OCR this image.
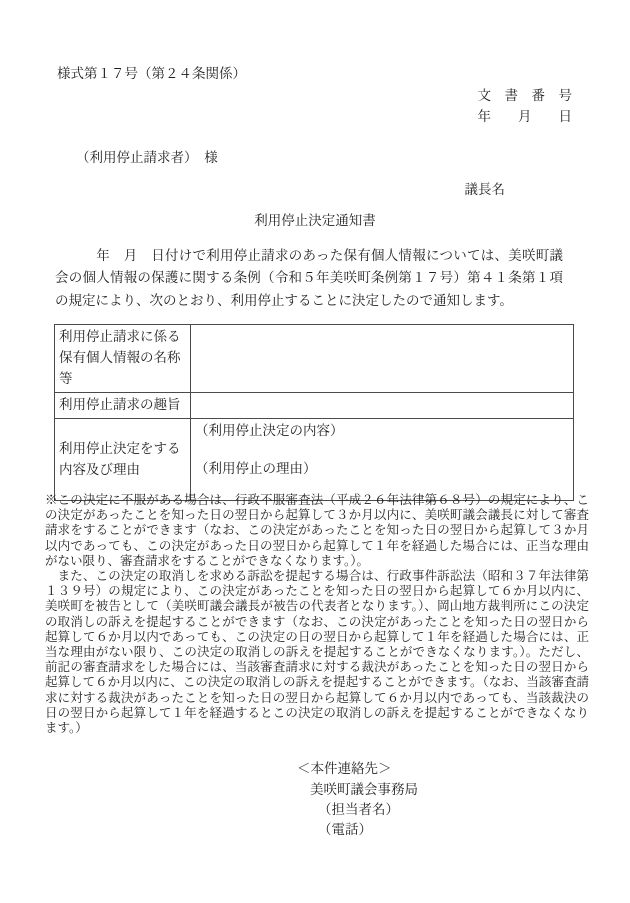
様式第１７号（第２４条関係）
文　書　番　号
年　　月　　日
（利用停止請求者）　様
議長名
利用停止決定通知書

　　　年　月　日付けで利用停止請求のあった保有個人情報については、美咲町議会の個人情報の保護に関する条例（令和５年美咲町条例第１７号）第４１条第１項の規定により、次のとおり、利用停止することに決定したので通知します。

利用停止請求に係る保有個人情報の名称等	
利用停止請求の趣旨	
利用停止決定をする内容及び理由	（利用停止決定の内容）
（利用停止の理由）

※この決定に不服がある場合は、行政不服審査法（平成２６年法律第６８号）の規定により、この決定があったことを知った日の翌日から起算して３か月以内に、美咲町議会議長に対して審査請求をすることができます（なお、この決定があったことを知った日の翌日から起算して３か月以内であっても、この決定があった日の翌日から起算して１年を経過した場合には、正当な理由がない限り、審査請求をすることができなくなります。）。

　また、この決定の取消しを求める訴訟を提起する場合は、行政事件訴訟法（昭和３７年法律第１３９号）の規定により、この決定があったことを知った日の翌日から起算して６か月以内に、美咲町を被告として（美咲町議会議長が被告の代表者となります。）、岡山地方裁判所にこの決定の取消しの訴えを提起することができます（なお、この決定があったことを知った日の翌日から起算して６か月以内であっても、この決定の日の翌日から起算して１年を経過した場合には、正当な理由がない限り、この決定の取消しの訴えを提起することができなくなります。）。ただし、前記の審査請求をした場合には、当該審査請求に対する裁決があったことを知った日の翌日から起算して６か月以内に、この決定の取消しの訴えを提起することができます。（なお、当該審査請求に対する裁決があったことを知った日の翌日から起算して６か月以内であっても、当該裁決の日の翌日から起算して１年を経過するとこの決定の取消しの訴えを提起することができなくなります。）

＜本件連絡先＞
美咲町議会事務局
（担当者名）
（電話）
